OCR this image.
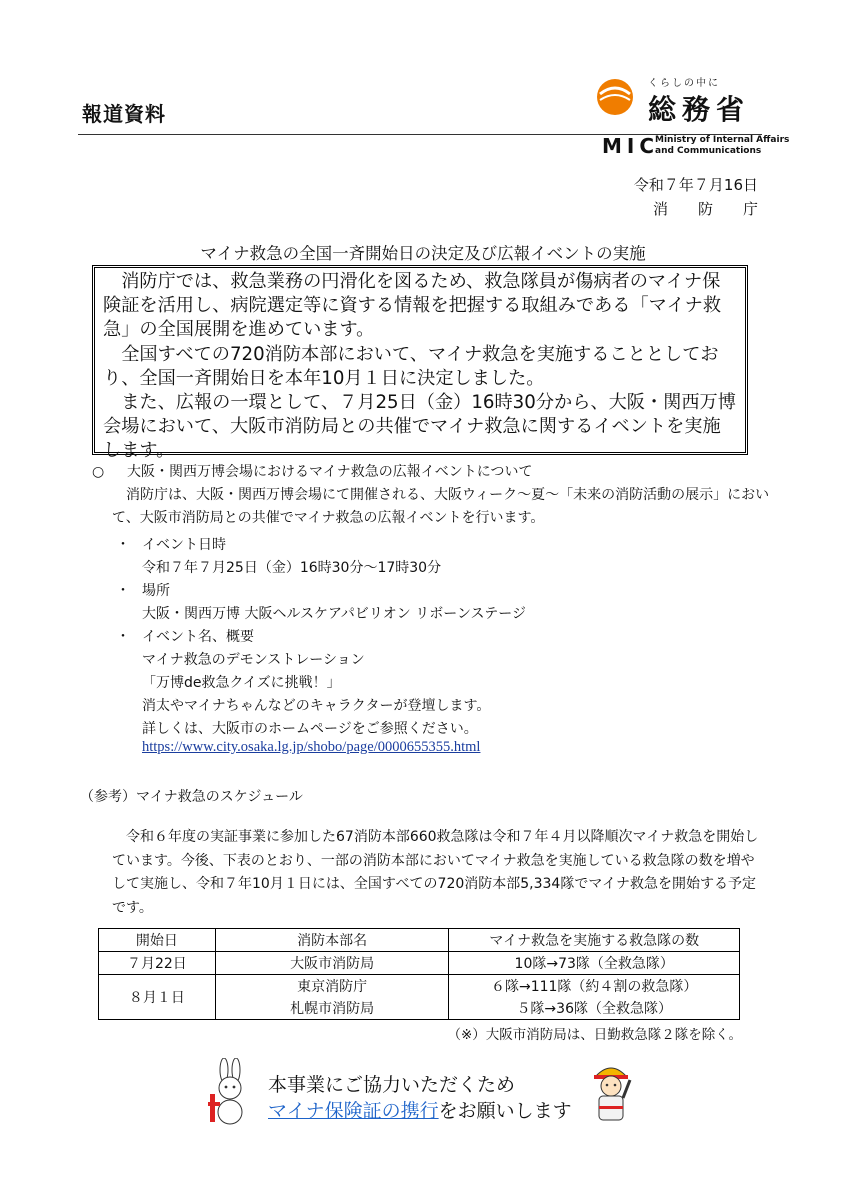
報道資料
くらしの中に
総務省
MIC
Ministry of Internal Affairs
and Communications
令和７年７月16日
消防庁
マイナ救急の全国一斉開始日の決定及び広報イベントの実施

消防庁では、救急業務の円滑化を図るため、救急隊員が傷病者のマイナ保険証を活用し、病院選定等に資する情報を把握する取組みである「マイナ救急」の全国展開を進めています。

全国すべての720消防本部において、マイナ救急を実施することとしており、全国一斉開始日を本年10月１日に決定しました。

また、広報の一環として、７月25日（金）16時30分から、大阪・関西万博会場において、大阪市消防局との共催でマイナ救急に関するイベントを実施します。

○ 大阪・関西万博会場におけるマイナ救急の広報イベントについて
消防庁は、大阪・関西万博会場にて開催される、大阪ウィーク～夏～「未来の消防活動の展示」において、大阪市消防局との共催でマイナ救急の広報イベントを行います。
・ イベント日時
令和７年７月25日（金）16時30分～17時30分
・ 場所
大阪・関西万博 大阪ヘルスケアパビリオン リボーンステージ
・ イベント名、概要
マイナ救急のデモンストレーション
「万博de救急クイズに挑戦！」
消太やマイナちゃんなどのキャラクターが登壇します。
詳しくは、大阪市のホームページをご参照ください。
https://www.city.osaka.lg.jp/shobo/page/0000655355.html
（参考）マイナ救急のスケジュール
令和６年度の実証事業に参加した67消防本部660救急隊は令和７年４月以降順次マイナ救急を開始しています。今後、下表のとおり、一部の消防本部においてマイナ救急を実施している救急隊の数を増やして実施し、令和７年10月１日には、全国すべての720消防本部5,334隊でマイナ救急を開始する予定です。
開始日	消防本部名	マイナ救急を実施する救急隊の数
７月22日	大阪市消防局	10隊→73隊（全救急隊）
８月１日	東京消防庁	６隊→111隊（約４割の救急隊）
	札幌市消防局	５隊→36隊（全救急隊）
（※）大阪市消防局は、日勤救急隊２隊を除く。
本事業にご協力いただくため
マイナ保険証の携行をお願いします
